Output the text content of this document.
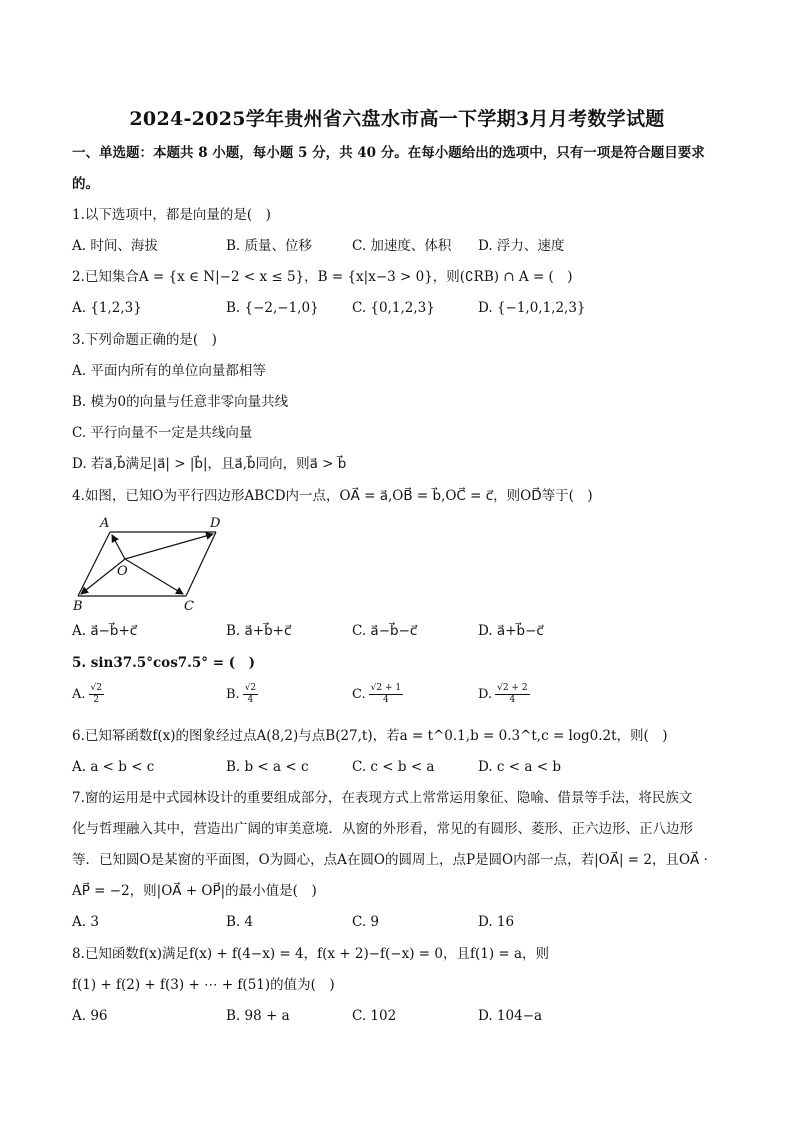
2024-2025学年贵州省六盘水市高一下学期3月月考数学试题
一、单选题：本题共 8 小题，每小题 5 分，共 40 分。在每小题给出的选项中，只有一项是符合题目要求
的。
1.以下选项中，都是向量的是(　)
A. 时间、海拔	B. 质量、位移	C. 加速度、体积 D. 浮力、速度
2.已知集合A = {x ∈ N|−2 < x ≤ 5}，B = {x|x−3 > 0}，则(∁RB) ∩ A = (　)
A. {1,2,3}	B. {−2,−1,0} C. {0,1,2,3}	D. {−1,0,1,2,3}
3.下列命题正确的是(　)
A. 平面内所有的单位向量都相等
B. 模为0的向量与任意非零向量共线
C. 平行向量不一定是共线向量
D. 若a⃗,b⃗满足|a⃗| > |b⃗|，且a⃗,b⃗同向，则a⃗ > b⃗
4.如图，已知O为平行四边形ABCD内一点，OA⃗ = a⃗,OB⃗ = b⃗,OC⃗ = c⃗，则OD⃗等于(　)
A	D
O
B	C
A. a⃗−b⃗+c⃗	B. a⃗+b⃗+c⃗	C. a⃗−b⃗−c⃗	D. a⃗+b⃗−c⃗
5. sin37.5°cos7.5° = (　)
A. $\frac{√2}{2}$	B. $\frac{√2}{4}$	C. $\frac{√2 + 1}{4}$	D. $\frac{√2 + 2}{4}$
6.已知幂函数f(x)的图象经过点A(8,2)与点B(27,t)，若a = t^0.1,b = 0.3^t,c = log0.2t，则(　)
A. a < b < c	B. b < a < c	C. c < b < a	D. c < a < b
7.窗的运用是中式园林设计的重要组成部分，在表现方式上常常运用象征、隐喻、借景等手法，将民族文
化与哲理融入其中，营造出广阔的审美意境．从窗的外形看，常见的有圆形、菱形、正六边形、正八边形
等．已知圆O是某窗的平面图，O为圆心，点A在圆O的圆周上，点P是圆O内部一点，若|OA⃗| = 2，且OA⃗ ·
AP⃗ = −2，则|OA⃗ + OP⃗|的最小值是(　)
A. 3	B. 4	C. 9	D. 16
8.已知函数f(x)满足f(x) + f(4−x) = 4，f(x + 2)−f(−x) = 0，且f(1) = a，则
f(1) + f(2) + f(3) + ⋯ + f(51)的值为(　)
A. 96	B. 98 + a	C. 102	D. 104−a
